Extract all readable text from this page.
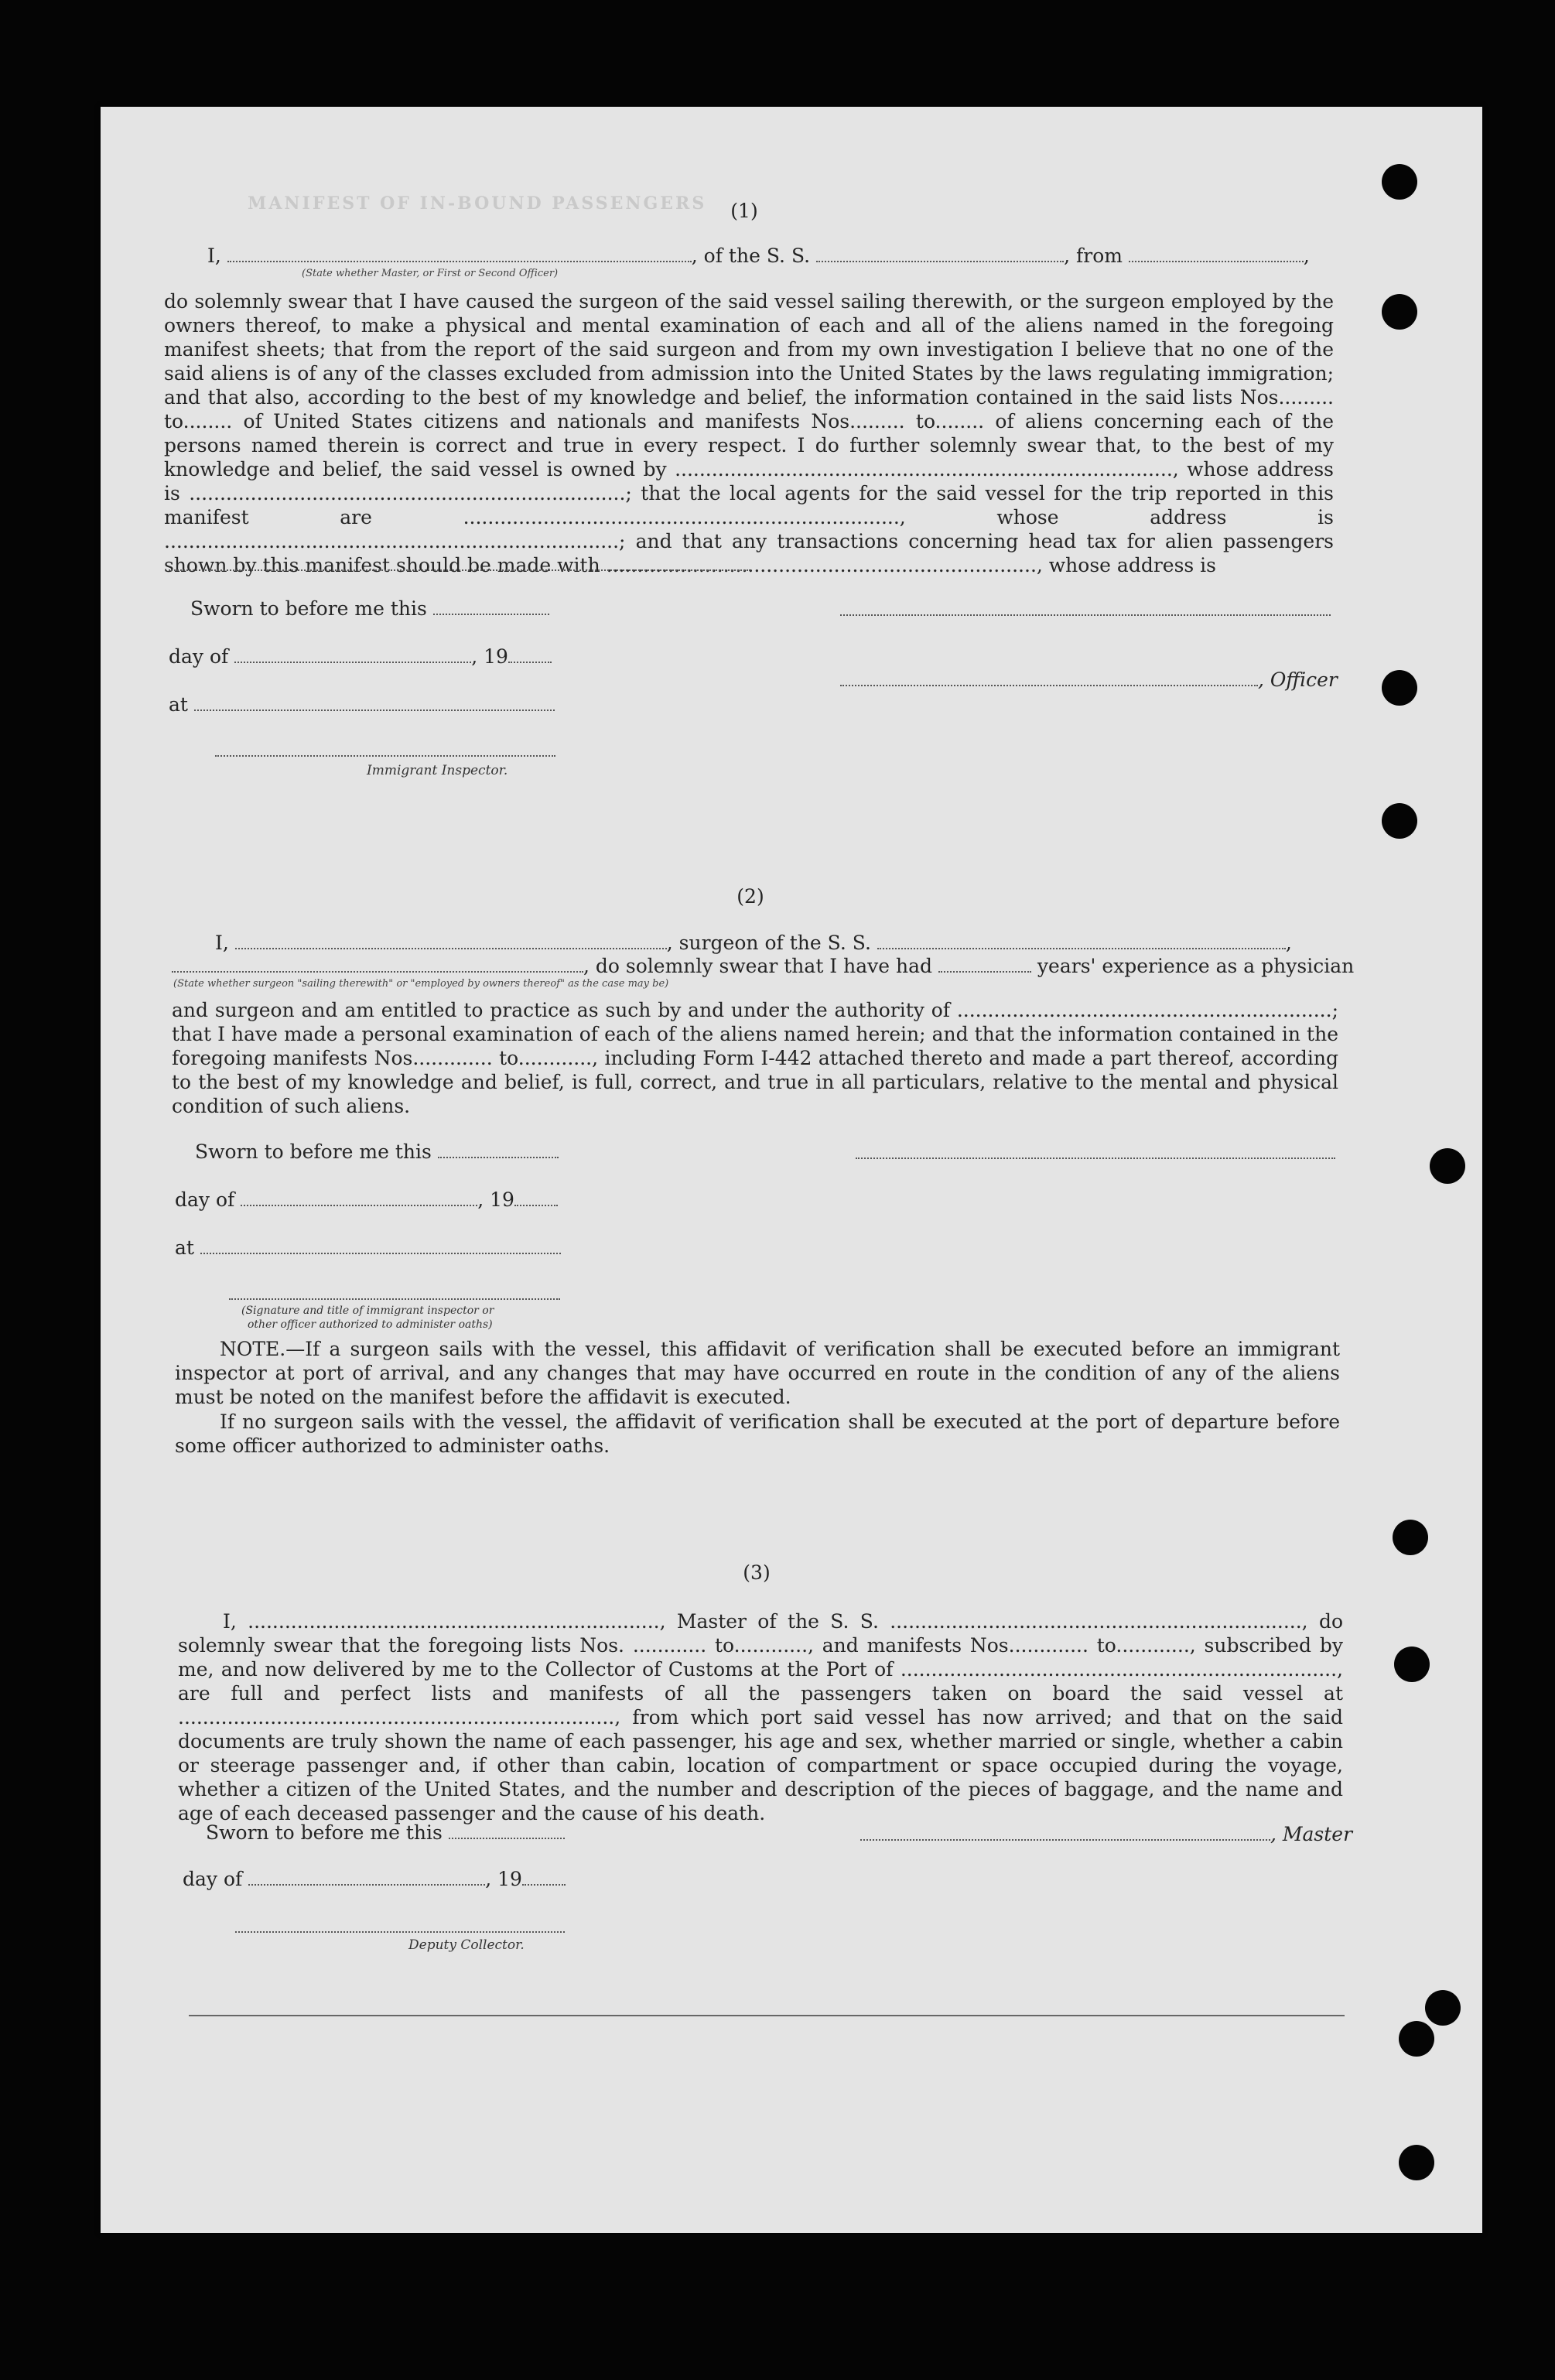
MANIFEST OF IN-BOUND PASSENGERS	(1)
I,	, of the S. S.	, from	,
(State whether Master, or First or Second Officer)
do solemnly swear that I have caused the surgeon of the said vessel sailing therewith, or the surgeon employed by the owners thereof, to make a physical and mental examination of each and all of the aliens named in the foregoing manifest sheets; that from the report of the said surgeon and from my own investigation I believe that no one of the said aliens is of any of the classes excluded from admission into the United States by the laws regulating immigration; and that also, according to the best of my knowledge and belief, the information contained in the said lists Nos......... to........ of United States citizens and nationals and manifests Nos......... to........ of aliens concerning each of the persons named therein is correct and true in every respect. I do further solemnly swear that, to the best of my knowledge and belief, the said vessel is owned by ................................................................................., whose address is .......................................................................; that the local agents for the said vessel for the trip reported in this manifest are ......................................................................., whose address is ..........................................................................; and that any transactions concerning head tax for alien passengers shown by this manifest should be made with ......................................................................, whose address is
Sworn to before me this
day of	, 19
, Officer
at
Immigrant Inspector.
(2)
I,	, surgeon of the S. S.	,
, do solemnly swear that I have had	years' experience as a physician
(State whether surgeon "sailing therewith" or "employed by owners thereof" as the case may be)
and surgeon and am entitled to practice as such by and under the authority of .............................................................; that I have made a personal examination of each of the aliens named herein; and that the information contained in the foregoing manifests Nos............. to............, including Form I-442 attached thereto and made a part thereof, according to the best of my knowledge and belief, is full, correct, and true in all particulars, relative to the mental and physical condition of such aliens.
Sworn to before me this
day of	, 19
at
(Signature and title of immigrant inspector or
other officer authorized to administer oaths)
NOTE.—If a surgeon sails with the vessel, this affidavit of verification shall be executed before an immigrant inspector at port of arrival, and any changes that may have occurred en route in the condition of any of the aliens must be noted on the manifest before the affidavit is executed.
If no surgeon sails with the vessel, the affidavit of verification shall be executed at the port of departure before some officer authorized to administer oaths.
(3)
I, ..................................................................., Master of the S. S. ..................................................................., do solemnly swear that the foregoing lists Nos. ............ to............, and manifests Nos............. to............, subscribed by me, and now delivered by me to the Collector of Customs at the Port of ......................................................................., are full and perfect lists and manifests of all the passengers taken on board the said vessel at ......................................................................., from which port said vessel has now arrived; and that on the said documents are truly shown the name of each passenger, his age and sex, whether married or single, whether a cabin or steerage passenger and, if other than cabin, location of compartment or space occupied during the voyage, whether a citizen of the United States, and the number and description of the pieces of baggage, and the name and age of each deceased passenger and the cause of his death.
Sworn to before me this	, Master
day of	, 19
Deputy Collector.
